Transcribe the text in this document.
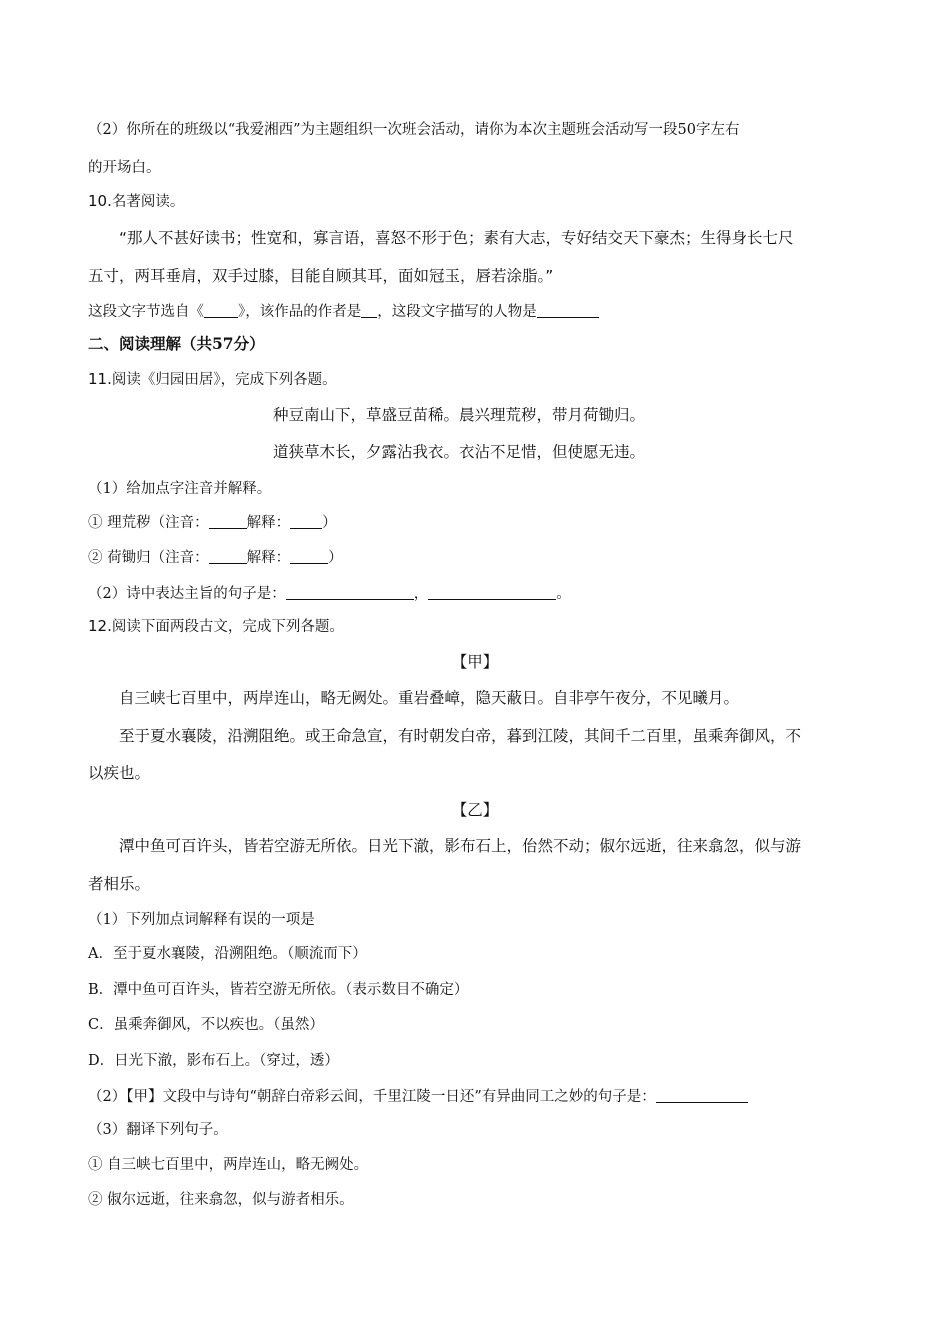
（2）你所在的班级以“我爱湘西”为主题组织一次班会活动，请你为本次主题班会活动写一段50字左右
的开场白。
10.名著阅读。
“那人不甚好读书；性宽和，寡言语，喜怒不形于色；素有大志，专好结交天下豪杰；生得身长七尺
五寸，两耳垂肩，双手过膝，目能自顾其耳，面如冠玉，唇若涂脂。”
这段文字节选自《 》，该作品的作者是 ，这段文字描写的人物是
二、阅读理解（共57分）
11.阅读《归园田居》，完成下列各题。
种豆南山下，草盛豆苗稀。晨兴理荒秽，带月荷锄归。
道狭草木长，夕露沾我衣。衣沾不足惜，但使愿无违。
（1）给加点字注音并解释。
① 理荒秽（注音：	解释： ）
② 荷锄归（注音：	解释：	）
（2）诗中表达主旨的句子是：	，	。
12.阅读下面两段古文，完成下列各题。
【甲】
自三峡七百里中，两岸连山，略无阙处。重岩叠嶂，隐天蔽日。自非亭午夜分，不见曦月。
至于夏水襄陵，沿溯阻绝。或王命急宣，有时朝发白帝，暮到江陵，其间千二百里，虽乘奔御风，不
以疾也。
【乙】
潭中鱼可百许头，皆若空游无所依。日光下澈，影布石上，佁然不动；俶尔远逝，往来翕忽，似与游
者相乐。
（1）下列加点词解释有误的一项是
A．至于夏水襄陵，沿溯阻绝。（顺流而下）
B．潭中鱼可百许头，皆若空游无所依。（表示数目不确定）
C．虽乘奔御风，不以疾也。（虽然）
D．日光下澈，影布石上。（穿过，透）
（2）【甲】文段中与诗句“朝辞白帝彩云间，千里江陵一日还”有异曲同工之妙的句子是：
（3）翻译下列句子。
① 自三峡七百里中，两岸连山，略无阙处。
② 俶尔远逝，往来翕忽，似与游者相乐。
